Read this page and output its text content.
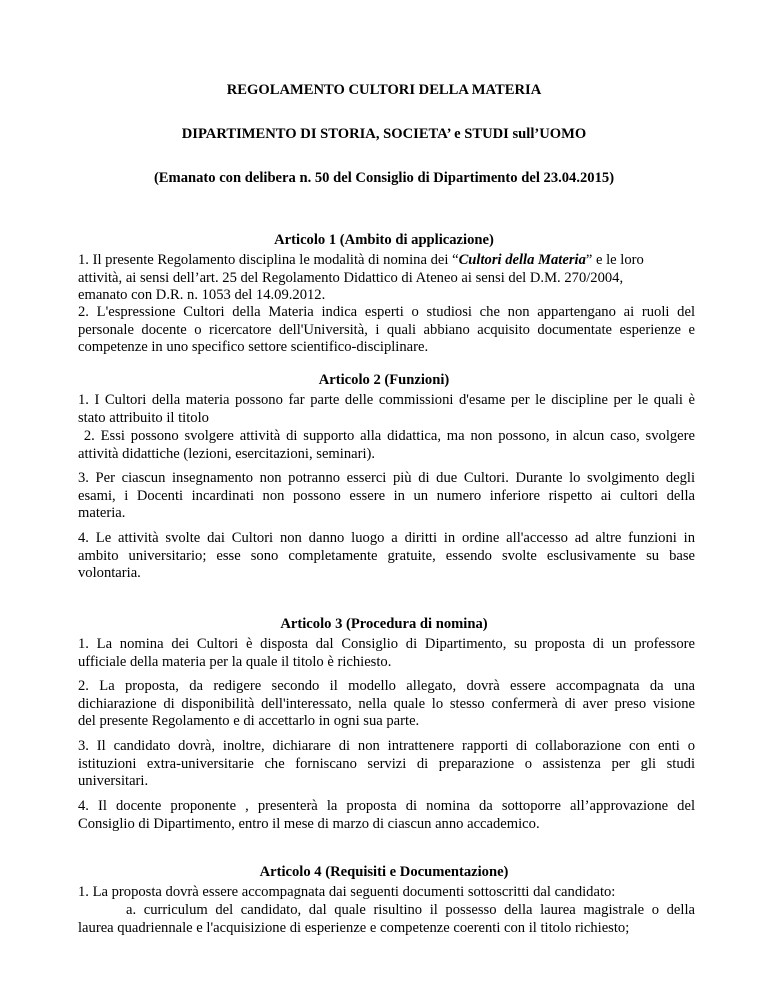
REGOLAMENTO CULTORI DELLA MATERIA
DIPARTIMENTO DI STORIA, SOCIETA’ e STUDI sull’UOMO
(Emanato con delibera n. 50 del Consiglio di Dipartimento del 23.04.2015)
Articolo 1 (Ambito di applicazione)
1. Il presente Regolamento disciplina le modalità di nomina dei “Cultori della Materia” e le loro
attività, ai sensi dell’art. 25 del Regolamento Didattico di Ateneo ai sensi del D.M. 270/2004,
emanato con D.R. n. 1053 del 14.09.2012.
2. L'espressione Cultori della Materia indica esperti o studiosi che non appartengano ai ruoli del
personale docente o ricercatore dell'Università, i quali abbiano acquisito documentate esperienze e
competenze in uno specifico settore scientifico-disciplinare.
Articolo 2 (Funzioni)
1. I Cultori della materia possono far parte delle commissioni d'esame per le discipline per le quali è
stato attribuito il titolo
2. Essi possono svolgere attività di supporto alla didattica, ma non possono, in alcun caso, svolgere
attività didattiche (lezioni, esercitazioni, seminari).
3. Per ciascun insegnamento non potranno esserci più di due Cultori. Durante lo svolgimento degli
esami, i Docenti incardinati non possono essere in un numero inferiore rispetto ai cultori della
materia.
4. Le attività svolte dai Cultori non danno luogo a diritti in ordine all'accesso ad altre funzioni in
ambito universitario; esse sono completamente gratuite, essendo svolte esclusivamente su base
volontaria.
Articolo 3 (Procedura di nomina)
1. La nomina dei Cultori è disposta dal Consiglio di Dipartimento, su proposta di un professore
ufficiale della materia per la quale il titolo è richiesto.
2. La proposta, da redigere secondo il modello allegato, dovrà essere accompagnata da una
dichiarazione di disponibilità dell'interessato, nella quale lo stesso confermerà di aver preso visione
del presente Regolamento e di accettarlo in ogni sua parte.
3. Il candidato dovrà, inoltre, dichiarare di non intrattenere rapporti di collaborazione con enti o
istituzioni extra-universitarie che forniscano servizi di preparazione o assistenza per gli studi
universitari.
4. Il docente proponente , presenterà la proposta di nomina da sottoporre all’approvazione del
Consiglio di Dipartimento, entro il mese di marzo di ciascun anno accademico.
Articolo 4 (Requisiti e Documentazione)
1. La proposta dovrà essere accompagnata dai seguenti documenti sottoscritti dal candidato:
a. curriculum del candidato, dal quale risultino il possesso della laurea magistrale o della
laurea quadriennale e l'acquisizione di esperienze e competenze coerenti con il titolo richiesto;
